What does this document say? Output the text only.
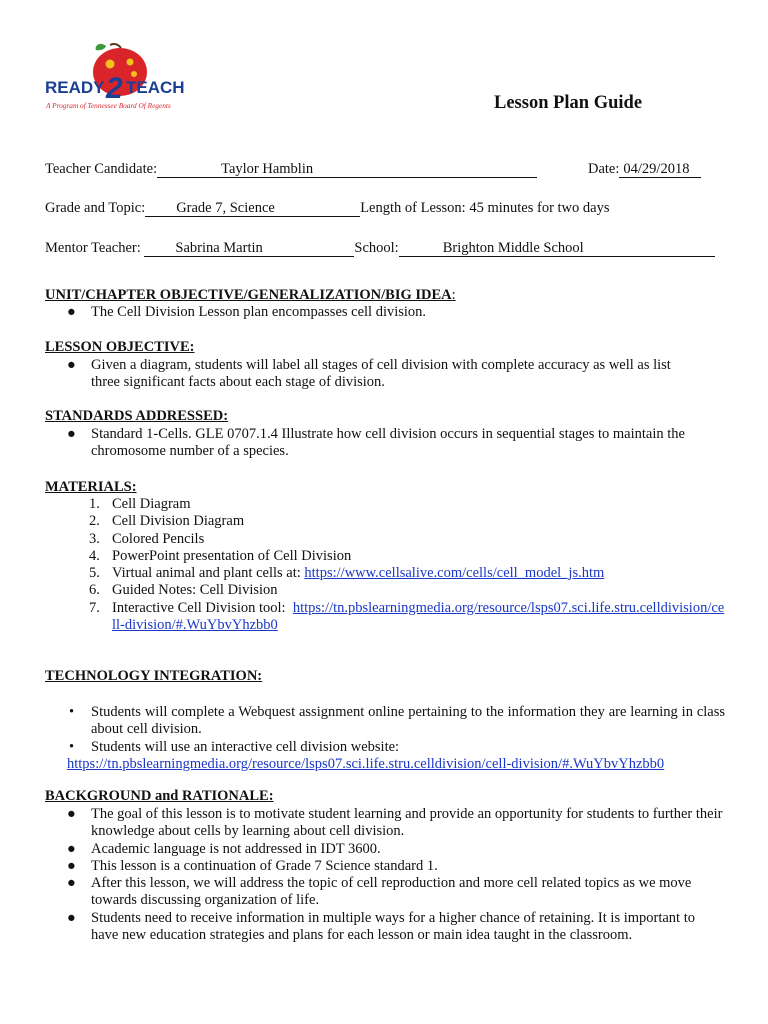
READY 2 TEACH
A Program of Tennessee Board Of Regents	Lesson Plan Guide
Teacher Candidate:	Taylor Hamblin	Date: 04/29/2018
Grade and Topic: Grade 7, Science	Length of Lesson: 45 minutes for two days
Mentor Teacher: Sabrina Martin	School:	Brighton Middle School
UNIT/CHAPTER OBJECTIVE/GENERALIZATION/BIG IDEA:
● The Cell Division Lesson plan encompasses cell division.
LESSON OBJECTIVE:
● Given a diagram, students will label all stages of cell division with complete accuracy as well as list three significant facts about each stage of division.
STANDARDS ADDRESSED:
● Standard 1-Cells. GLE 0707.1.4 Illustrate how cell division occurs in sequential stages to maintain the chromosome number of a species.
MATERIALS:
1. Cell Diagram
2. Cell Division Diagram
3. Colored Pencils
4. PowerPoint presentation of Cell Division
5. Virtual animal and plant cells at: https://www.cellsalive.com/cells/cell_model_js.htm
6. Guided Notes: Cell Division
7. Interactive Cell Division tool: https://tn.pbslearningmedia.org/resource/lsps07.sci.life.stru.celldivision/cell-division/#.WuYbvYhzbb0
TECHNOLOGY INTEGRATION:
• Students will complete a Webquest assignment online pertaining to the information they are learning in class about cell division.
• Students will use an interactive cell division website:
https://tn.pbslearningmedia.org/resource/lsps07.sci.life.stru.celldivision/cell-division/#.WuYbvYhzbb0
BACKGROUND and RATIONALE:
● The goal of this lesson is to motivate student learning and provide an opportunity for students to further their knowledge about cells by learning about cell division.
● Academic language is not addressed in IDT 3600.
● This lesson is a continuation of Grade 7 Science standard 1.
● After this lesson, we will address the topic of cell reproduction and more cell related topics as we move towards discussing organization of life.
● Students need to receive information in multiple ways for a higher chance of retaining. It is important to have new education strategies and plans for each lesson or main idea taught in the classroom.
